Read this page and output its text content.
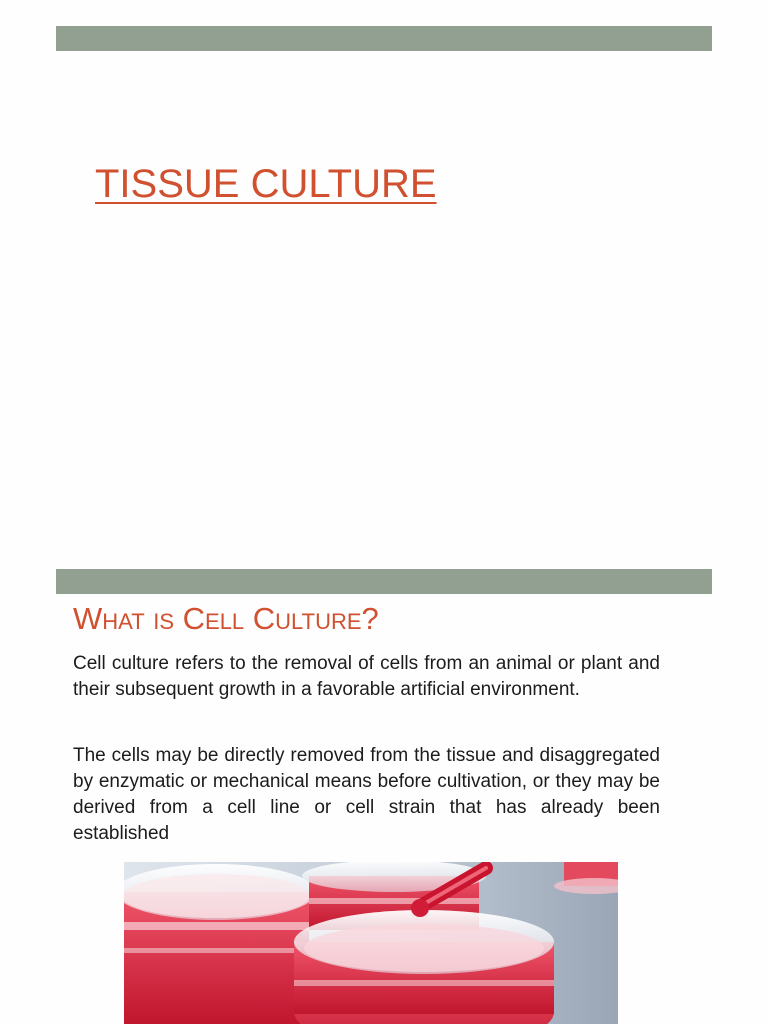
TISSUE CULTURE
What is Cell Culture?

Cell culture refers to the removal of cells from an animal or plant and their subsequent growth in a favorable artificial environment.

The cells may be directly removed from the tissue and disaggregated by enzymatic or mechanical means before cultivation, or they may be derived from a cell line or cell strain that has already been established
